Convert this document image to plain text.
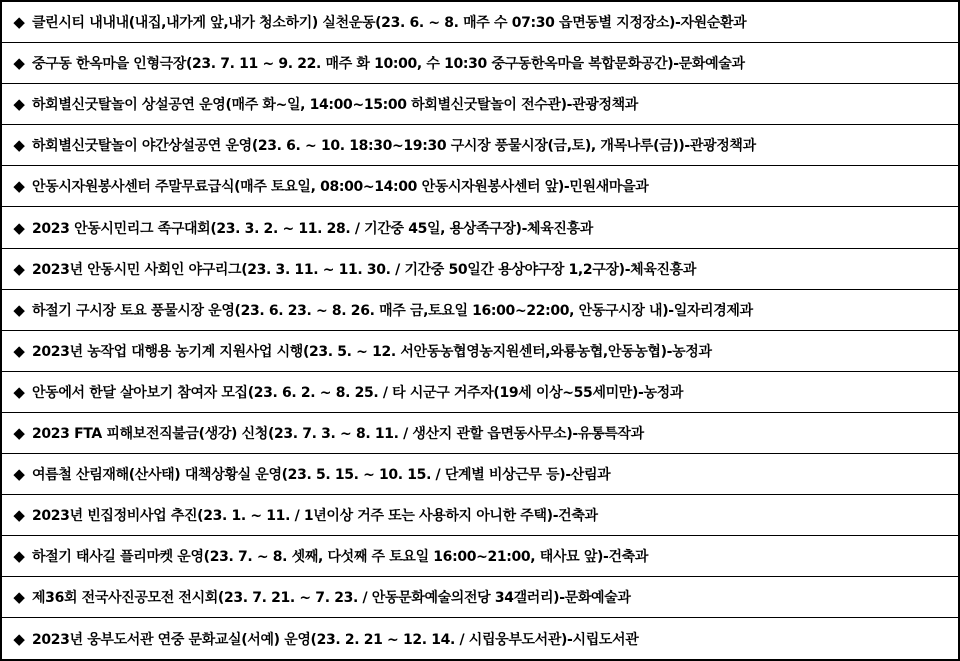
◆ 클린시티 내내내(내집,내가게 앞,내가 청소하기) 실천운동(23. 6. ~ 8. 매주 수 07:30 읍면동별 지정장소)-자원순환과
◆ 중구동 한옥마을 인형극장(23. 7. 11 ~ 9. 22. 매주 화 10:00, 수 10:30 중구동한옥마을 복합문화공간)-문화예술과
◆ 하회별신굿탈놀이 상설공연 운영(매주 화~일, 14:00~15:00 하회별신굿탈놀이 전수관)-관광정책과
◆ 하회별신굿탈놀이 야간상설공연 운영(23. 6. ~ 10. 18:30~19:30 구시장 풍물시장(금,토), 개목나루(금))-관광정책과
◆ 안동시자원봉사센터 주말무료급식(매주 토요일, 08:00~14:00 안동시자원봉사센터 앞)-민원새마을과
◆ 2023 안동시민리그 족구대회(23. 3. 2. ~ 11. 28. / 기간중 45일, 용상족구장)-체육진흥과
◆ 2023년 안동시민 사회인 야구리그(23. 3. 11. ~ 11. 30. / 기간중 50일간 용상야구장 1,2구장)-체육진흥과
◆ 하절기 구시장 토요 풍물시장 운영(23. 6. 23. ~ 8. 26. 매주 금,토요일 16:00~22:00, 안동구시장 내)-일자리경제과
◆ 2023년 농작업 대행용 농기계 지원사업 시행(23. 5. ~ 12. 서안동농협영농지원센터,와룡농협,안동농협)-농정과
◆ 안동에서 한달 살아보기 참여자 모집(23. 6. 2. ~ 8. 25. / 타 시군구 거주자(19세 이상~55세미만)-농정과
◆ 2023 FTA 피해보전직불금(생강) 신청(23. 7. 3. ~ 8. 11. / 생산지 관할 읍면동사무소)-유통특작과
◆ 여름철 산림재해(산사태) 대책상황실 운영(23. 5. 15. ~ 10. 15. / 단계별 비상근무 등)-산림과
◆ 2023년 빈집정비사업 추진(23. 1. ~ 11. / 1년이상 거주 또는 사용하지 아니한 주택)-건축과
◆ 하절기 태사길 플리마켓 운영(23. 7. ~ 8. 셋째, 다섯째 주 토요일 16:00~21:00, 태사묘 앞)-건축과
◆ 제36회 전국사진공모전 전시회(23. 7. 21. ~ 7. 23. / 안동문화예술의전당 34갤러리)-문화예술과
◆ 2023년 웅부도서관 연중 문화교실(서예) 운영(23. 2. 21 ~ 12. 14. / 시립웅부도서관)-시립도서관
